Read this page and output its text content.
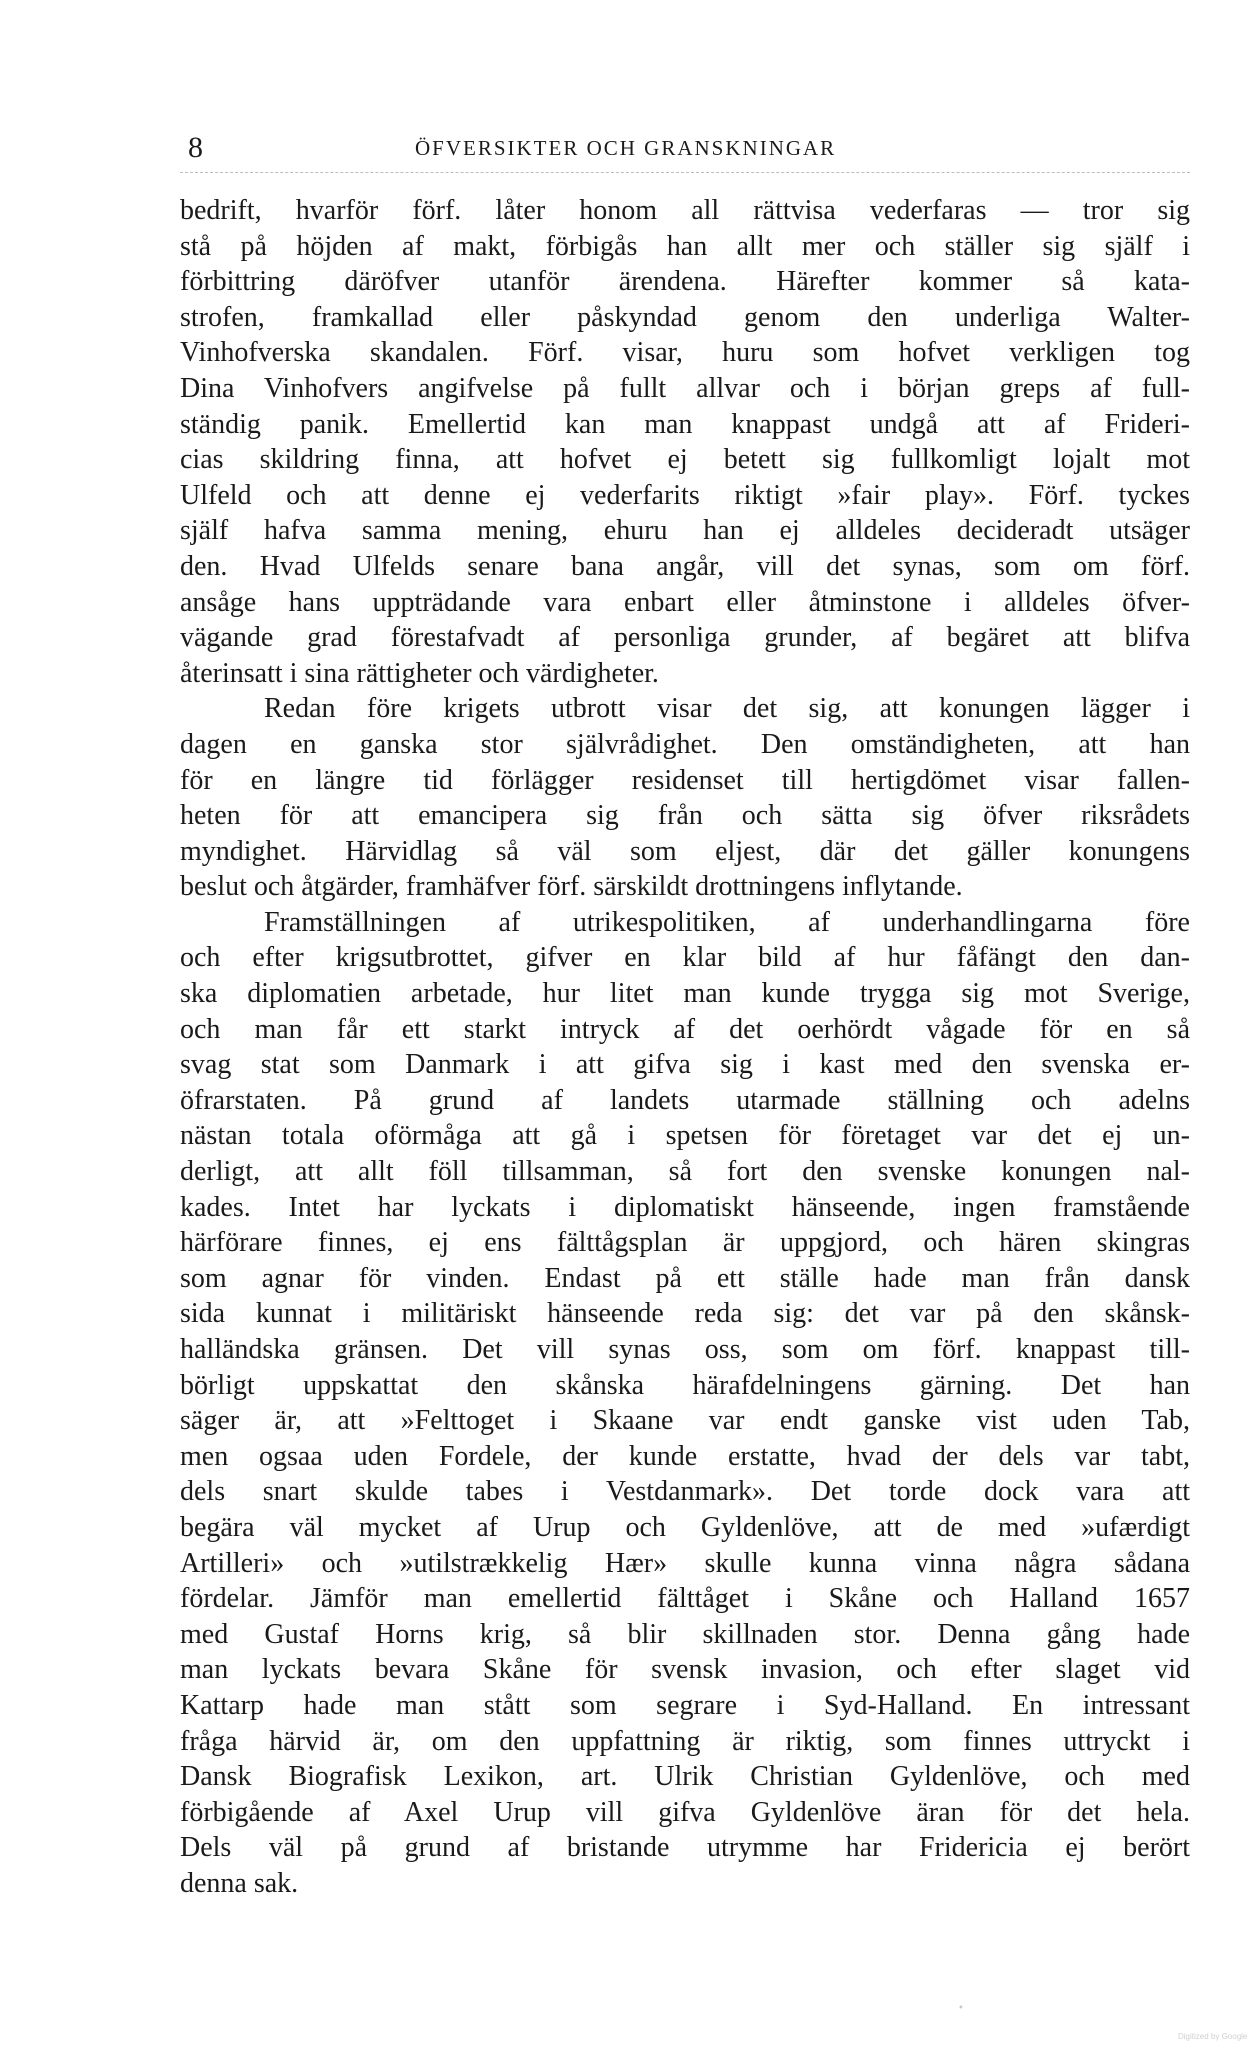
8	ÖFVERSIKTER OCH GRANSKNINGAR
bedrift, hvarför förf. låter honom all rättvisa vederfaras — tror sig
stå på höjden af makt, förbigås han allt mer och ställer sig själf i
förbittring däröfver utanför ärendena. Härefter kommer så kata-
strofen, framkallad eller påskyndad genom den underliga Walter-
Vinhofverska skandalen. Förf. visar, huru som hofvet verkligen tog
Dina Vinhofvers angifvelse på fullt allvar och i början greps af full-
ständig panik. Emellertid kan man knappast undgå att af Frideri-
cias skildring finna, att hofvet ej betett sig fullkomligt lojalt mot
Ulfeld och att denne ej vederfarits riktigt »fair play». Förf. tyckes
själf hafva samma mening, ehuru han ej alldeles decideradt utsäger
den. Hvad Ulfelds senare bana angår, vill det synas, som om förf.
ansåge hans uppträdande vara enbart eller åtminstone i alldeles öfver-
vägande grad förestafvadt af personliga grunder, af begäret att blifva
återinsatt i sina rättigheter och värdigheter.
Redan före krigets utbrott visar det sig, att konungen lägger i
dagen en ganska stor självrådighet. Den omständigheten, att han
för en längre tid förlägger residenset till hertigdömet visar fallen-
heten för att emancipera sig från och sätta sig öfver riksrådets
myndighet. Härvidlag så väl som eljest, där det gäller konungens
beslut och åtgärder, framhäfver förf. särskildt drottningens inflytande.
Framställningen af utrikespolitiken, af underhandlingarna före
och efter krigsutbrottet, gifver en klar bild af hur fåfängt den dan-
ska diplomatien arbetade, hur litet man kunde trygga sig mot Sverige,
och man får ett starkt intryck af det oerhördt vågade för en så
svag stat som Danmark i att gifva sig i kast med den svenska er-
öfrarstaten. På grund af landets utarmade ställning och adelns
nästan totala oförmåga att gå i spetsen för företaget var det ej un-
derligt, att allt föll tillsamman, så fort den svenske konungen nal-
kades. Intet har lyckats i diplomatiskt hänseende, ingen framstående
härförare finnes, ej ens fälttågsplan är uppgjord, och hären skingras
som agnar för vinden. Endast på ett ställe hade man från dansk
sida kunnat i militäriskt hänseende reda sig: det var på den skånsk-
halländska gränsen. Det vill synas oss, som om förf. knappast till-
börligt uppskattat den skånska härafdelningens gärning. Det han
säger är, att »Felttoget i Skaane var endt ganske vist uden Tab,
men ogsaa uden Fordele, der kunde erstatte, hvad der dels var tabt,
dels snart skulde tabes i Vestdanmark». Det torde dock vara att
begära väl mycket af Urup och Gyldenlöve, att de med »ufærdigt
Artilleri» och »utilstrækkelig Hær» skulle kunna vinna några sådana
fördelar. Jämför man emellertid fälttåget i Skåne och Halland 1657
med Gustaf Horns krig, så blir skillnaden stor. Denna gång hade
man lyckats bevara Skåne för svensk invasion, och efter slaget vid
Kattarp hade man stått som segrare i Syd-Halland. En intressant
fråga härvid är, om den uppfattning är riktig, som finnes uttryckt i
Dansk Biografisk Lexikon, art. Ulrik Christian Gyldenlöve, och med
förbigående af Axel Urup vill gifva Gyldenlöve äran för det hela.
Dels väl på grund af bristande utrymme har Fridericia ej berört
denna sak.
•
Digitized by Google
